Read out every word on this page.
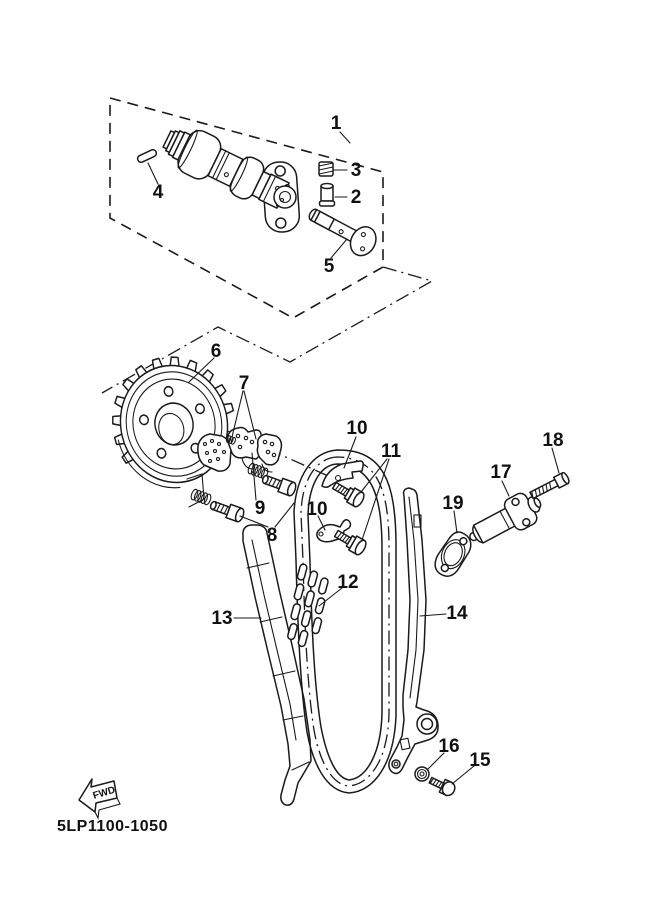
1
2
3
4
5
6
7
8
9
10
10
11
12
13	14
15
16
17
18
19
FWD
5LP1100-1050
